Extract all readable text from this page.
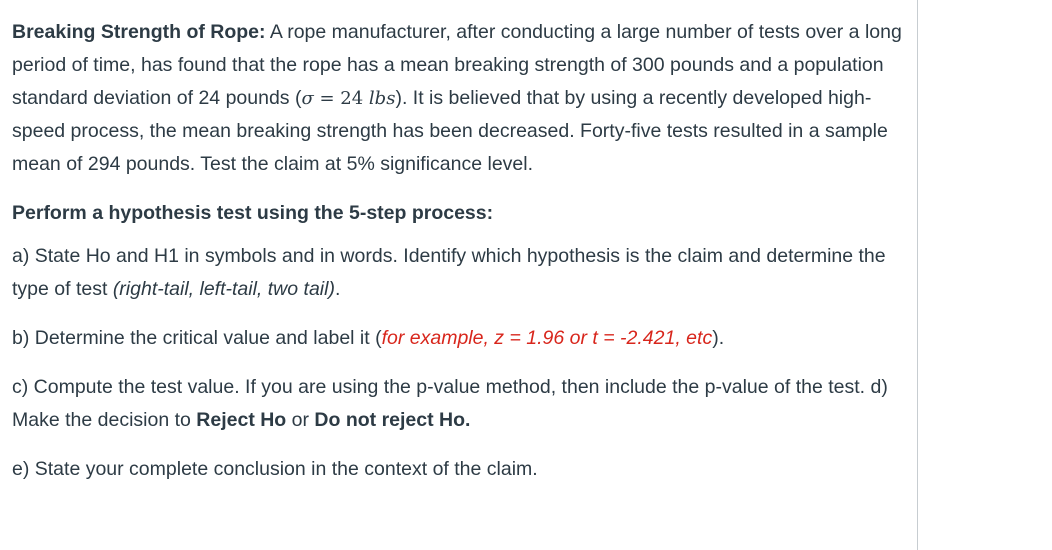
Breaking Strength of Rope: A rope manufacturer, after conducting a large number of tests over a long period of time, has found that the rope has a mean breaking strength of 300 pounds and a population standard deviation of 24 pounds (σ = 24 lbs). It is believed that by using a recently developed high-speed process, the mean breaking strength has been decreased. Forty-five tests resulted in a sample mean of 294 pounds. Test the claim at 5% significance level.

Perform a hypothesis test using the 5-step process:

a) State Ho and H1 in symbols and in words. Identify which hypothesis is the claim and determine the type of test (right-tail, left-tail, two tail).

b) Determine the critical value and label it (for example, z = 1.96 or t = -2.421, etc).

c) Compute the test value. If you are using the p-value method, then include the p-value of the test. d) Make the decision to Reject Ho or Do not reject Ho.

e) State your complete conclusion in the context of the claim.
